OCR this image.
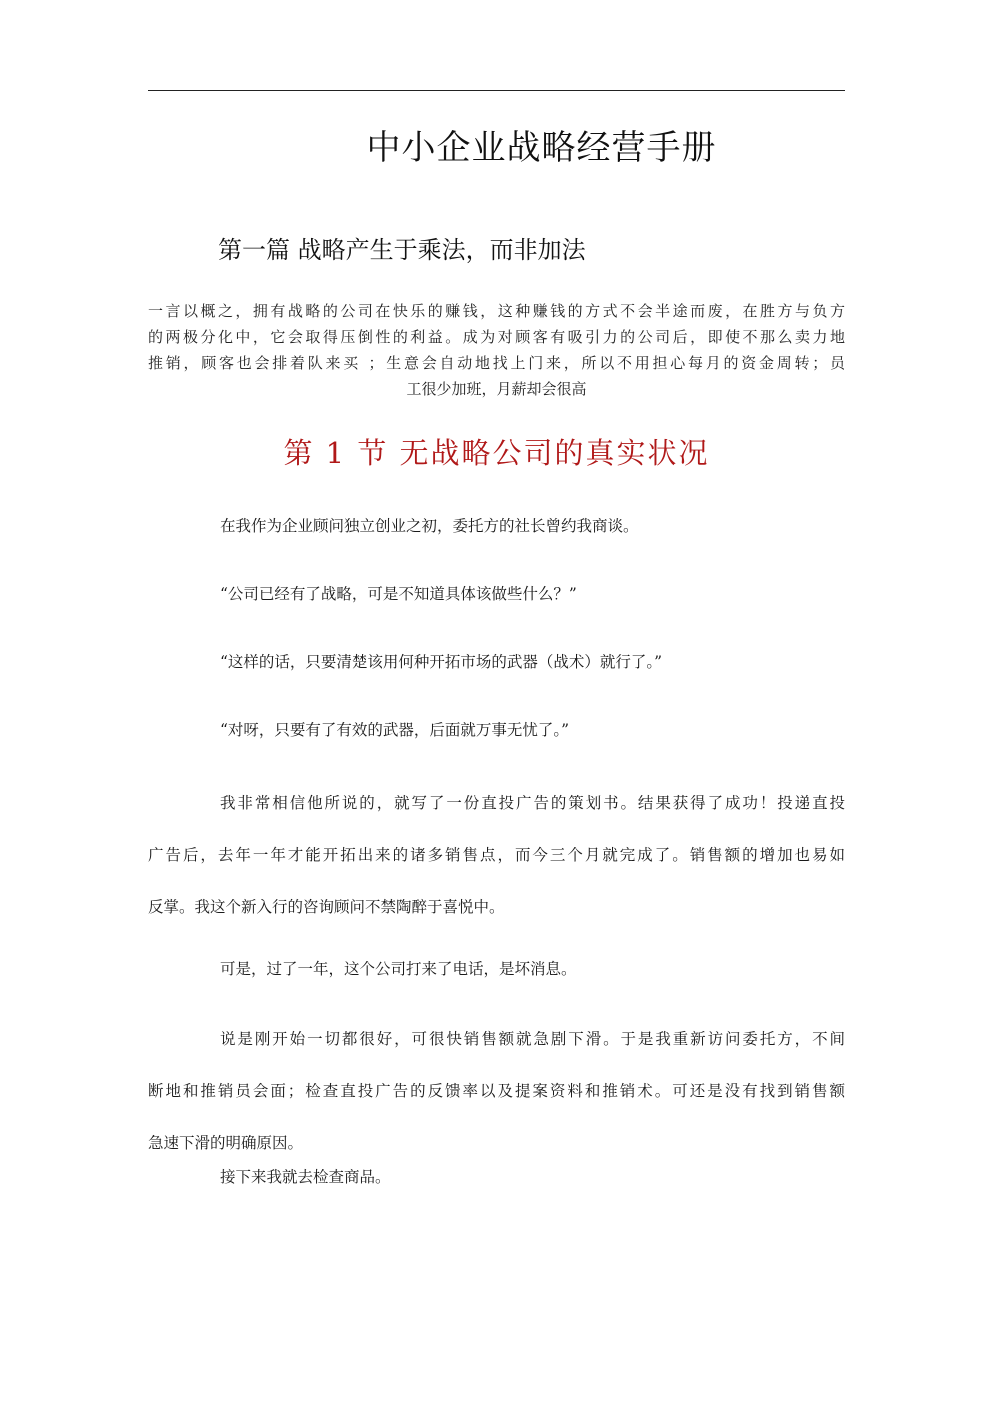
中小企业战略经营手册
第一篇 战略产生于乘法，而非加法
一言以概之，拥有战略的公司在快乐的赚钱，这种赚钱的方式不会半途而废，在胜方与负方
的两极分化中，它会取得压倒性的利益。成为对顾客有吸引力的公司后，即使不那么卖力地
推销，顾客也会排着队来买 ；生意会自动地找上门来，所以不用担心每月的资金周转；员
工很少加班，月薪却会很高
第 1 节 无战略公司的真实状况
在我作为企业顾问独立创业之初，委托方的社长曾约我商谈。
“公司已经有了战略，可是不知道具体该做些什么？”
“这样的话，只要清楚该用何种开拓市场的武器（战术）就行了。”
“对呀，只要有了有效的武器，后面就万事无忧了。”
我非常相信他所说的，就写了一份直投广告的策划书。结果获得了成功！投递直投
广告后，去年一年才能开拓出来的诸多销售点，而今三个月就完成了。销售额的增加也易如
反掌。我这个新入行的咨询顾问不禁陶醉于喜悦中。
可是，过了一年，这个公司打来了电话，是坏消息。
说是刚开始一切都很好，可很快销售额就急剧下滑。于是我重新访问委托方，不间
断地和推销员会面；检查直投广告的反馈率以及提案资料和推销术。可还是没有找到销售额
急速下滑的明确原因。
接下来我就去检查商品。
